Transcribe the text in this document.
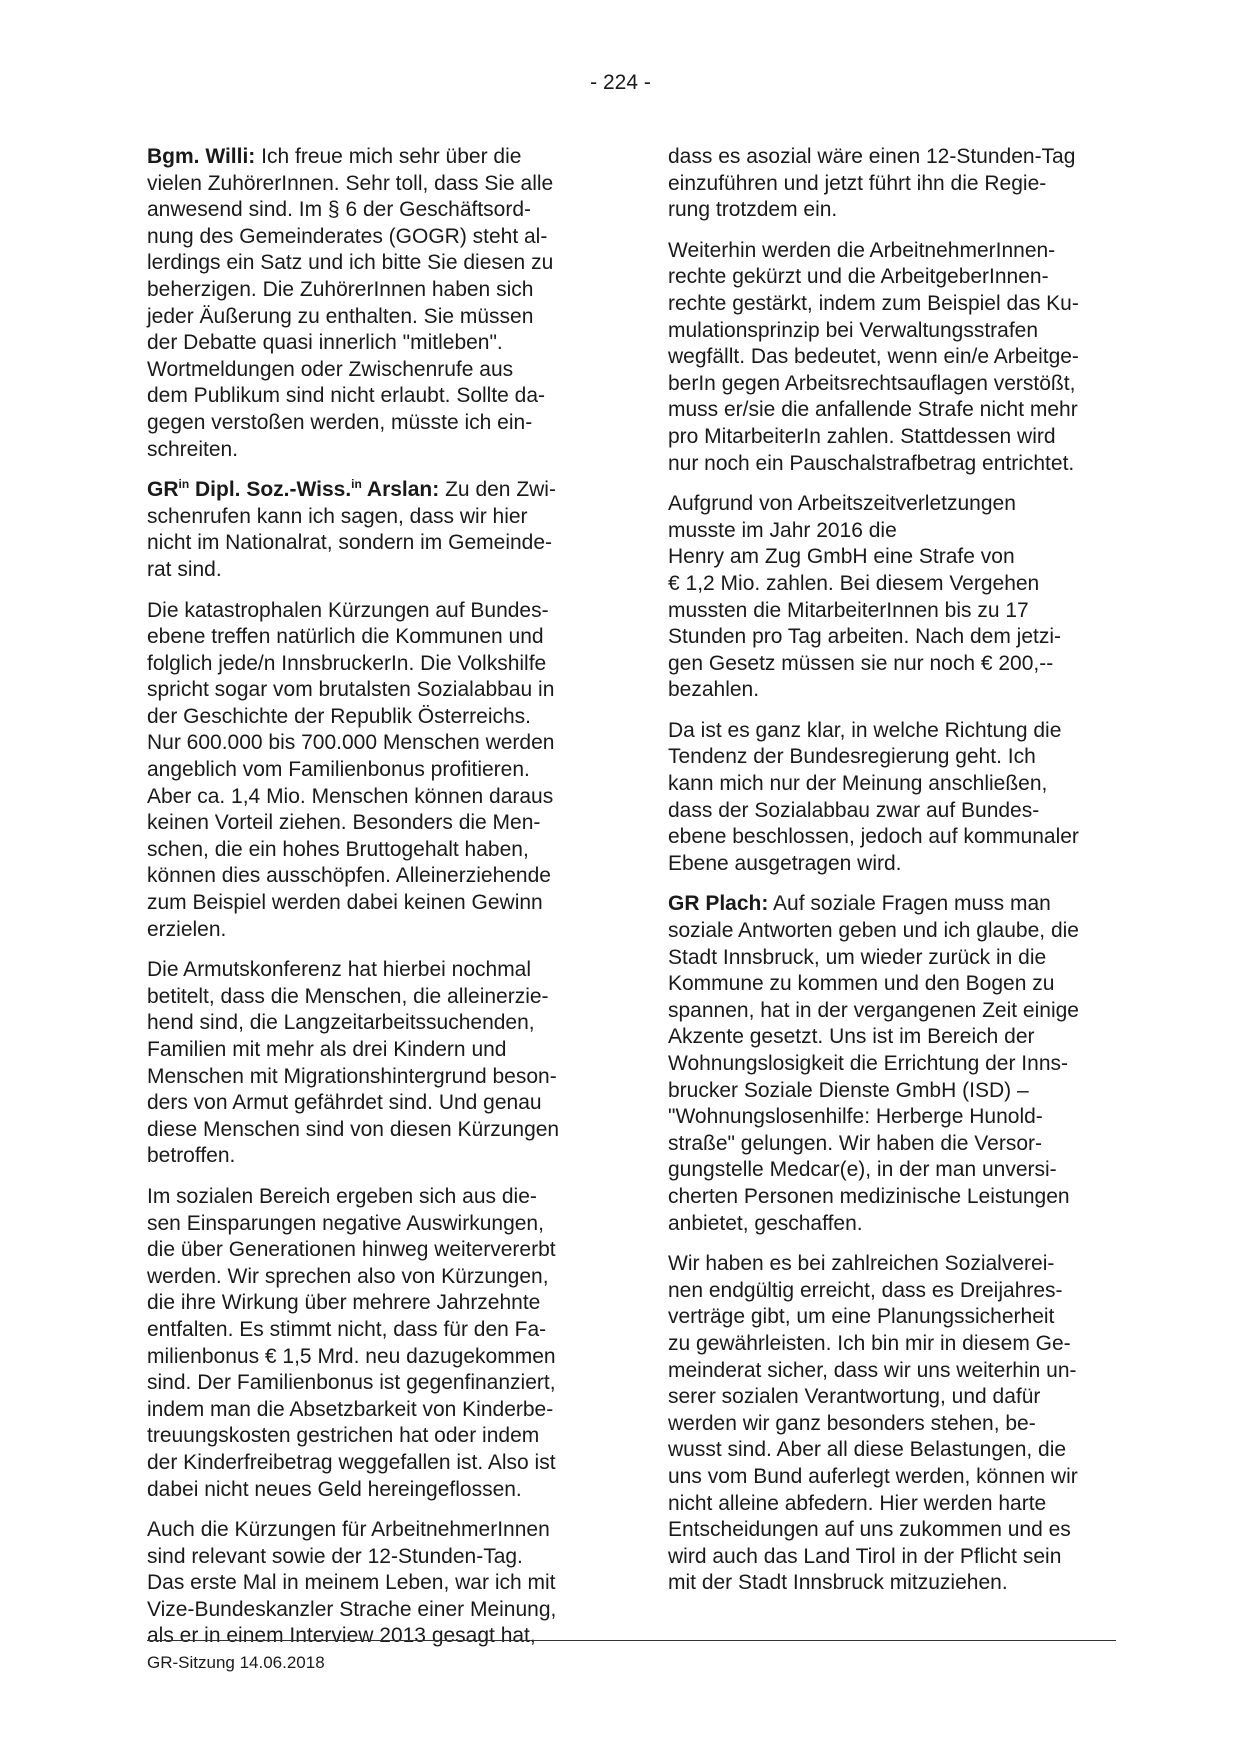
- 224 -

Bgm. Willi: Ich freue mich sehr über die
vielen ZuhörerInnen. Sehr toll, dass Sie alle
anwesend sind. Im § 6 der Geschäftsord-
nung des Gemeinderates (GOGR) steht al-
lerdings ein Satz und ich bitte Sie diesen zu
beherzigen. Die ZuhörerInnen haben sich
jeder Äußerung zu enthalten. Sie müssen
der Debatte quasi innerlich "mitleben".
Wortmeldungen oder Zwischenrufe aus
dem Publikum sind nicht erlaubt. Sollte da-
gegen verstoßen werden, müsste ich ein-
schreiten.

$GR^{in}$ Dipl. Soz.-Wiss.$^{in}$ Arslan: Zu den Zwi-
schenrufen kann ich sagen, dass wir hier
nicht im Nationalrat, sondern im Gemeinde-
rat sind.

Die katastrophalen Kürzungen auf Bundes-
ebene treffen natürlich die Kommunen und
folglich jede/n InnsbruckerIn. Die Volkshilfe
spricht sogar vom brutalsten Sozialabbau in
der Geschichte der Republik Österreichs.
Nur 600.000 bis 700.000 Menschen werden
angeblich vom Familienbonus profitieren.
Aber ca. 1,4 Mio. Menschen können daraus
keinen Vorteil ziehen. Besonders die Men-
schen, die ein hohes Bruttogehalt haben,
können dies ausschöpfen. Alleinerziehende
zum Beispiel werden dabei keinen Gewinn
erzielen.

Die Armutskonferenz hat hierbei nochmal
betitelt, dass die Menschen, die alleinerzie-
hend sind, die Langzeitarbeitssuchenden,
Familien mit mehr als drei Kindern und
Menschen mit Migrationshintergrund beson-
ders von Armut gefährdet sind. Und genau
diese Menschen sind von diesen Kürzungen
betroffen.

Im sozialen Bereich ergeben sich aus die-
sen Einsparungen negative Auswirkungen,
die über Generationen hinweg weitervererbt
werden. Wir sprechen also von Kürzungen,
die ihre Wirkung über mehrere Jahrzehnte
entfalten. Es stimmt nicht, dass für den Fa-
milienbonus € 1,5 Mrd. neu dazugekommen
sind. Der Familienbonus ist gegenfinanziert,
indem man die Absetzbarkeit von Kinderbe-
treuungskosten gestrichen hat oder indem
der Kinderfreibetrag weggefallen ist. Also ist
dabei nicht neues Geld hereingeflossen.

Auch die Kürzungen für ArbeitnehmerInnen
sind relevant sowie der 12-Stunden-Tag.
Das erste Mal in meinem Leben, war ich mit
Vize-Bundeskanzler Strache einer Meinung,
als er in einem Interview 2013 gesagt hat,

dass es asozial wäre einen 12-Stunden-Tag
einzuführen und jetzt führt ihn die Regie-
rung trotzdem ein.

Weiterhin werden die ArbeitnehmerInnen-
rechte gekürzt und die ArbeitgeberInnen-
rechte gestärkt, indem zum Beispiel das Ku-
mulationsprinzip bei Verwaltungsstrafen
wegfällt. Das bedeutet, wenn ein/e Arbeitge-
berIn gegen Arbeitsrechtsauflagen verstößt,
muss er/sie die anfallende Strafe nicht mehr
pro MitarbeiterIn zahlen. Stattdessen wird
nur noch ein Pauschalstrafbetrag entrichtet.

Aufgrund von Arbeitszeitverletzungen
musste im Jahr 2016 die
Henry am Zug GmbH eine Strafe von
€ 1,2 Mio. zahlen. Bei diesem Vergehen
mussten die MitarbeiterInnen bis zu 17
Stunden pro Tag arbeiten. Nach dem jetzi-
gen Gesetz müssen sie nur noch € 200,--
bezahlen.

Da ist es ganz klar, in welche Richtung die
Tendenz der Bundesregierung geht. Ich
kann mich nur der Meinung anschließen,
dass der Sozialabbau zwar auf Bundes-
ebene beschlossen, jedoch auf kommunaler
Ebene ausgetragen wird.

GR Plach: Auf soziale Fragen muss man
soziale Antworten geben und ich glaube, die
Stadt Innsbruck, um wieder zurück in die
Kommune zu kommen und den Bogen zu
spannen, hat in der vergangenen Zeit einige
Akzente gesetzt. Uns ist im Bereich der
Wohnungslosigkeit die Errichtung der Inns-
brucker Soziale Dienste GmbH (ISD) –
"Wohnungslosenhilfe: Herberge Hunold-
straße" gelungen. Wir haben die Versor-
gungstelle Medcar(e), in der man unversi-
cherten Personen medizinische Leistungen
anbietet, geschaffen.

Wir haben es bei zahlreichen Sozialverei-
nen endgültig erreicht, dass es Dreijahres-
verträge gibt, um eine Planungssicherheit
zu gewährleisten. Ich bin mir in diesem Ge-
meinderat sicher, dass wir uns weiterhin un-
serer sozialen Verantwortung, und dafür
werden wir ganz besonders stehen, be-
wusst sind. Aber all diese Belastungen, die
uns vom Bund auferlegt werden, können wir
nicht alleine abfedern. Hier werden harte
Entscheidungen auf uns zukommen und es
wird auch das Land Tirol in der Pflicht sein
mit der Stadt Innsbruck mitzuziehen.

GR-Sitzung 14.06.2018
